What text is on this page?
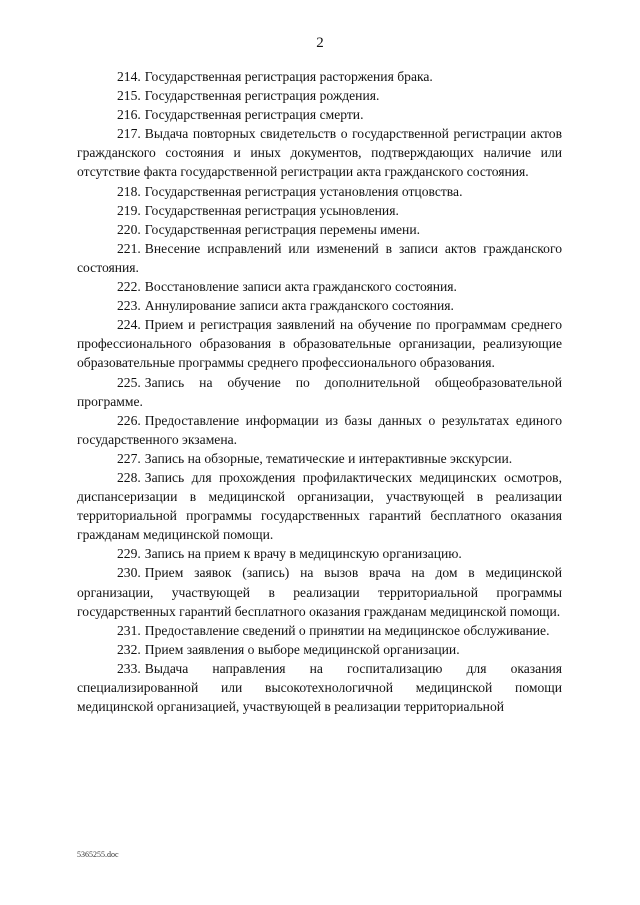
2

214. Государственная регистрация расторжения брака.

215. Государственная регистрация рождения.

216. Государственная регистрация смерти.

217. Выдача повторных свидетельств о государственной регистрации актов гражданского состояния и иных документов, подтверждающих наличие или отсутствие факта государственной регистрации акта гражданского состояния.

218. Государственная регистрация установления отцовства.

219. Государственная регистрация усыновления.

220. Государственная регистрация перемены имени.

221. Внесение исправлений или изменений в записи актов гражданского состояния.

222. Восстановление записи акта гражданского состояния.

223. Аннулирование записи акта гражданского состояния.

224. Прием и регистрация заявлений на обучение по программам среднего профессионального образования в образовательные организации, реализующие образовательные программы среднего профессионального образования.

225. Запись на обучение по дополнительной общеобразовательной программе.

226. Предоставление информации из базы данных о результатах единого государственного экзамена.

227. Запись на обзорные, тематические и интерактивные экскурсии.

228. Запись для прохождения профилактических медицинских осмотров, диспансеризации в медицинской организации, участвующей в реализации территориальной программы государственных гарантий бесплатного оказания гражданам медицинской помощи.

229. Запись на прием к врачу в медицинскую организацию.

230. Прием заявок (запись) на вызов врача на дом в медицинской организации, участвующей в реализации территориальной программы государственных гарантий бесплатного оказания гражданам медицинской помощи.

231. Предоставление сведений о принятии на медицинское обслуживание.

232. Прием заявления о выборе медицинской организации.

233. Выдача направления на госпитализацию для оказания специализированной или высокотехнологичной медицинской помощи медицинской организацией, участвующей в реализации территориальной

5365255.doc
